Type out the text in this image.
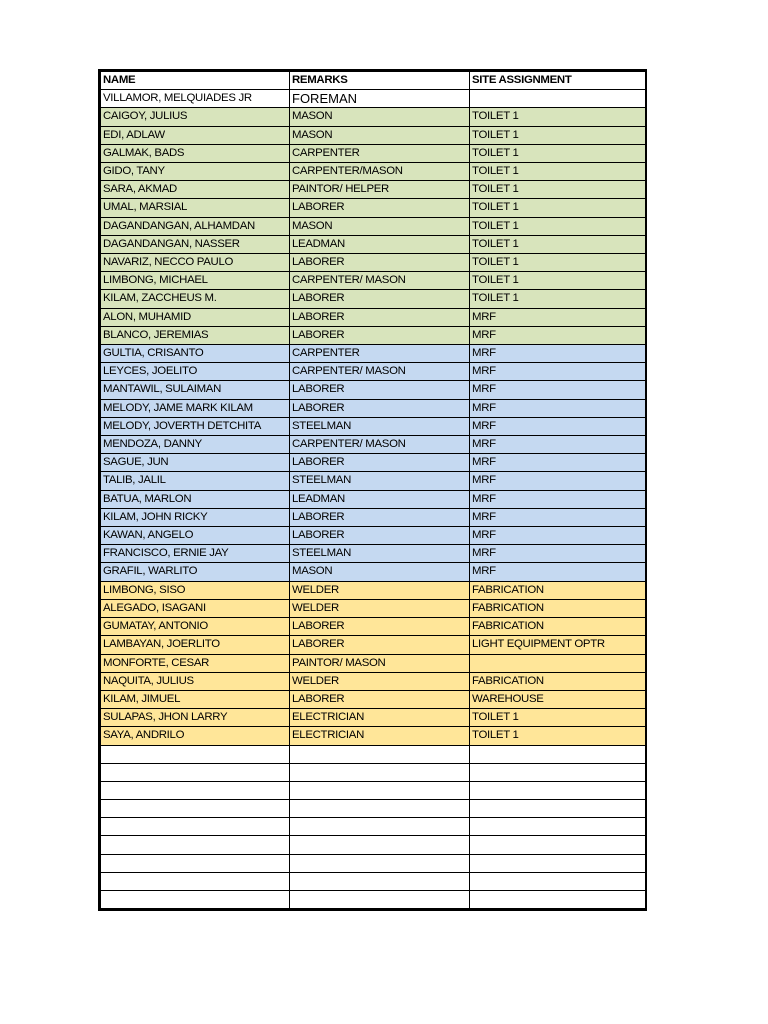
NAME	REMARKS	SITE ASSIGNMENT
VILLAMOR, MELQUIADES JR	FOREMAN	
CAIGOY, JULIUS	MASON	TOILET 1
EDI, ADLAW	MASON	TOILET 1
GALMAK, BADS	CARPENTER	TOILET 1
GIDO, TANY	CARPENTER/MASON	TOILET 1
SARA, AKMAD	PAINTOR/ HELPER	TOILET 1
UMAL, MARSIAL	LABORER	TOILET 1
DAGANDANGAN, ALHAMDAN	MASON	TOILET 1
DAGANDANGAN, NASSER	LEADMAN	TOILET 1
NAVARIZ, NECCO PAULO	LABORER	TOILET 1
LIMBONG, MICHAEL	CARPENTER/ MASON	TOILET 1
KILAM, ZACCHEUS M.	LABORER	TOILET 1
ALON, MUHAMID	LABORER	MRF
BLANCO, JEREMIAS	LABORER	MRF
GULTIA, CRISANTO	CARPENTER	MRF
LEYCES, JOELITO	CARPENTER/ MASON	MRF
MANTAWIL, SULAIMAN	LABORER	MRF
MELODY, JAME MARK KILAM	LABORER	MRF
MELODY, JOVERTH DETCHITA	STEELMAN	MRF
MENDOZA, DANNY	CARPENTER/ MASON	MRF
SAGUE, JUN	LABORER	MRF
TALIB, JALIL	STEELMAN	MRF
BATUA, MARLON	LEADMAN	MRF
KILAM, JOHN RICKY	LABORER	MRF
KAWAN, ANGELO	LABORER	MRF
FRANCISCO, ERNIE JAY	STEELMAN	MRF
GRAFIL, WARLITO	MASON	MRF
LIMBONG, SISO	WELDER	FABRICATION
ALEGADO, ISAGANI	WELDER	FABRICATION
GUMATAY, ANTONIO	LABORER	FABRICATION
LAMBAYAN, JOERLITO	LABORER	LIGHT EQUIPMENT OPTR
MONFORTE, CESAR	PAINTOR/ MASON	
NAQUITA, JULIUS	WELDER	FABRICATION
KILAM, JIMUEL	LABORER	WAREHOUSE
SULAPAS, JHON LARRY	ELECTRICIAN	TOILET 1
SAYA, ANDRILO	ELECTRICIAN	TOILET 1
